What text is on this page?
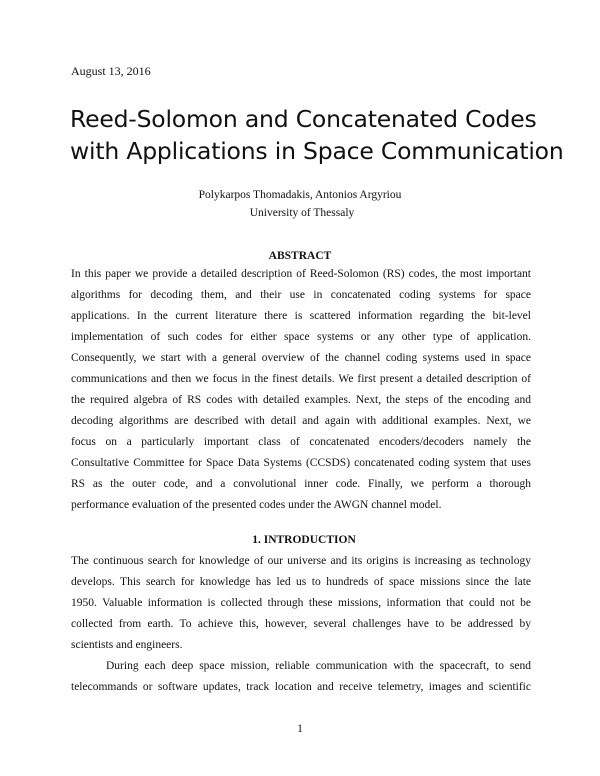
August 13, 2016
Reed-Solomon and Concatenated Codes
with Applications in Space Communication
Polykarpos Thomadakis, Antonios Argyriou
University of Thessaly
ABSTRACT
In this paper we provide a detailed description of Reed-Solomon (RS) codes, the most important
algorithms for decoding them, and their use in concatenated coding systems for space
applications. In the current literature there is scattered information regarding the bit-level
implementation of such codes for either space systems or any other type of application.
Consequently, we start with a general overview of the channel coding systems used in space
communications and then we focus in the finest details. We first present a detailed description of
the required algebra of RS codes with detailed examples. Next, the steps of the encoding and
decoding algorithms are described with detail and again with additional examples. Next, we
focus on a particularly important class of concatenated encoders/decoders namely the
Consultative Committee for Space Data Systems (CCSDS) concatenated coding system that uses
RS as the outer code, and a convolutional inner code. Finally, we perform a thorough
performance evaluation of the presented codes under the AWGN channel model.
1. INTRODUCTION
The continuous search for knowledge of our universe and its origins is increasing as technology
develops. This search for knowledge has led us to hundreds of space missions since the late
1950. Valuable information is collected through these missions, information that could not be
collected from earth. To achieve this, however, several challenges have to be addressed by
scientists and engineers.
During each deep space mission, reliable communication with the spacecraft, to send
telecommands or software updates, track location and receive telemetry, images and scientific
1
